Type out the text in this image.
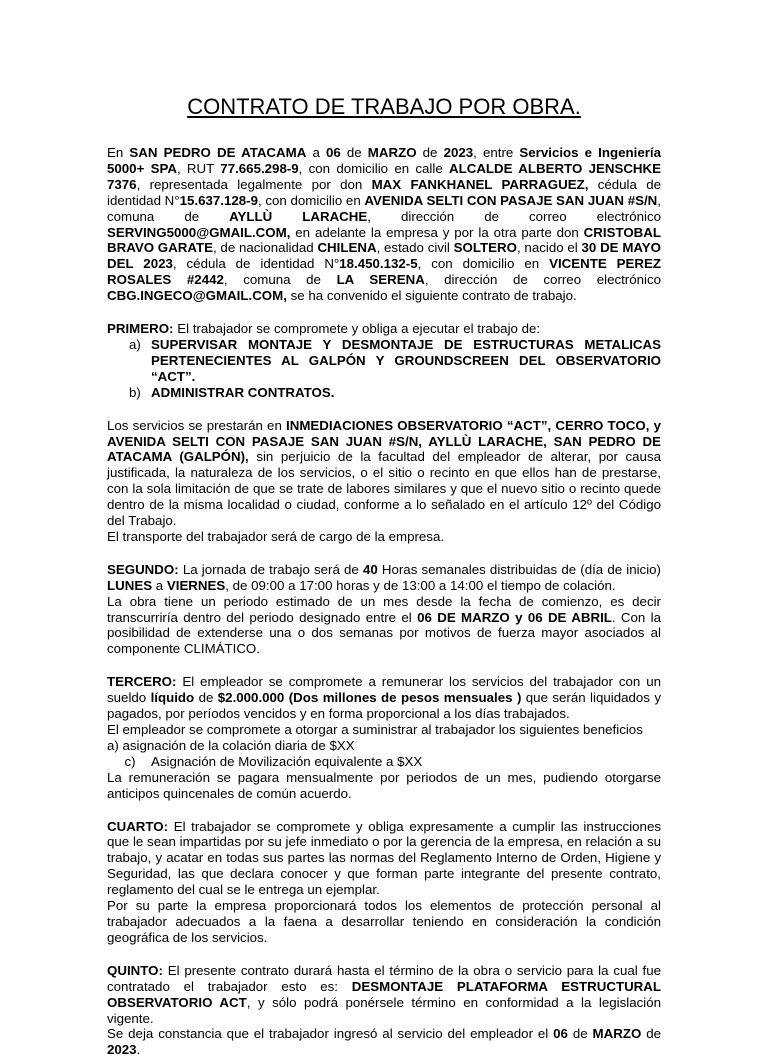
CONTRATO DE TRABAJO POR OBRA.

En SAN PEDRO DE ATACAMA a 06 de MARZO de 2023, entre Servicios e Ingeniería 5000+ SPA, RUT 77.665.298-9, con domicilio en calle ALCALDE ALBERTO JENSCHKE 7376, representada legalmente por don MAX FANKHANEL PARRAGUEZ, cédula de identidad N°15.637.128-9, con domicilio en AVENIDA SELTI CON PASAJE SAN JUAN #S/N, comuna de AYLLÙ LARACHE, dirección de correo electrónico SERVING5000@GMAIL.COM, en adelante la empresa y por la otra parte don CRISTOBAL BRAVO GARATE, de nacionalidad CHILENA, estado civil SOLTERO, nacido el 30 DE MAYO DEL 2023, cédula de identidad N°18.450.132-5, con domicilio en VICENTE PEREZ ROSALES #2442, comuna de LA SERENA, dirección de correo electrónico CBG.INGECO@GMAIL.COM, se ha convenido el siguiente contrato de trabajo.

PRIMERO: El trabajador se compromete y obliga a ejecutar el trabajo de:

a) SUPERVISAR MONTAJE Y DESMONTAJE DE ESTRUCTURAS METALICAS PERTENECIENTES AL GALPÓN Y GROUNDSCREEN DEL OBSERVATORIO “ACT”.
b) ADMINISTRAR CONTRATOS.

Los servicios se prestarán en INMEDIACIONES OBSERVATORIO “ACT”, CERRO TOCO, y AVENIDA SELTI CON PASAJE SAN JUAN #S/N, AYLLÙ LARACHE, SAN PEDRO DE ATACAMA (GALPÓN), sin perjuicio de la facultad del empleador de alterar, por causa justificada, la naturaleza de los servicios, o el sitio o recinto en que ellos han de prestarse, con la sola limitación de que se trate de labores similares y que el nuevo sitio o recinto quede dentro de la misma localidad o ciudad, conforme a lo señalado en el artículo 12º del Código del Trabajo.

El transporte del trabajador será de cargo de la empresa.

SEGUNDO: La jornada de trabajo será de 40 Horas semanales distribuidas de (día de inicio) LUNES a VIERNES, de 09:00 a 17:00 horas y de 13:00 a 14:00 el tiempo de colación.

La obra tiene un periodo estimado de un mes desde la fecha de comienzo, es decir transcurriría dentro del periodo designado entre el 06 DE MARZO y 06 DE ABRIL. Con la posibilidad de extenderse una o dos semanas por motivos de fuerza mayor asociados al componente CLIMÁTICO.

TERCERO: El empleador se compromete a remunerar los servicios del trabajador con un sueldo líquido de $2.000.000 (Dos millones de pesos mensuales ) que serán liquidados y pagados, por períodos vencidos y en forma proporcional a los días trabajados.

El empleador se compromete a otorgar a suministrar al trabajador los siguientes beneficios

a) asignación de la colación diaria de $XX

c)	Asignación de Movilización equivalente a $XX

La remuneración se pagara mensualmente por periodos de un mes, pudiendo otorgarse anticipos quincenales de común acuerdo.

CUARTO: El trabajador se compromete y obliga expresamente a cumplir las instrucciones que le sean impartidas por su jefe inmediato o por la gerencia de la empresa, en relación a su trabajo, y acatar en todas sus partes las normas del Reglamento Interno de Orden, Higiene y Seguridad, las que declara conocer y que forman parte integrante del presente contrato, reglamento del cual se le entrega un ejemplar.

Por su parte la empresa proporcionará todos los elementos de protección personal al trabajador adecuados a la faena a desarrollar teniendo en consideración la condición geográfica de los servicios.

QUINTO: El presente contrato durará hasta el término de la obra o servicio para la cual fue contratado el trabajador esto es: DESMONTAJE PLATAFORMA ESTRUCTURAL OBSERVATORIO ACT, y sólo podrá ponérsele término en conformidad a la legislación vigente.

Se deja constancia que el trabajador ingresó al servicio del empleador el 06 de MARZO de 2023.
